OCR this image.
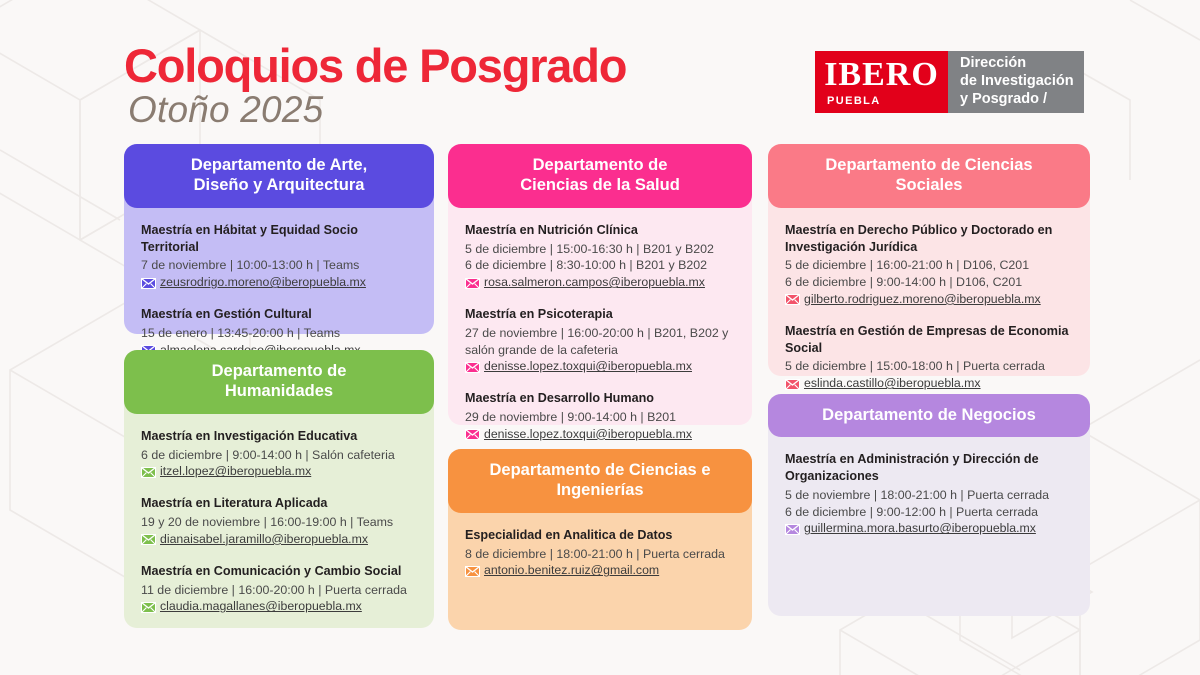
Coloquios de Posgrado
Otoño 2025
IBERO
PUEBLA
Dirección
de Investigación
y Posgrado /
Departamento de Arte,
Diseño y Arquitectura
Maestría en Hábitat y Equidad Socio Territorial
7 de noviembre | 10:00-13:00 h | Teams
zeusrodrigo.moreno@iberopuebla.mx
Maestría en Gestión Cultural
15 de enero | 13:45-20:00 h | Teams
Departamento de
Humanidades
Maestría en Investigación Educativa
6 de diciembre | 9:00-14:00 h | Salón cafeteria
itzel.lopez@iberopuebla.mx
Maestría en Literatura Aplicada
19 y 20 de noviembre | 16:00-19:00 h | Teams
dianaisabel.jaramillo@iberopuebla.mx
Maestría en Comunicación y Cambio Social
11 de diciembre | 16:00-20:00 h | Puerta cerrada
claudia.magallanes@iberopuebla.mx
Departamento de
Ciencias de la Salud
Maestría en Nutrición Clínica
5 de diciembre | 15:00-16:30 h | B201 y B202
6 de diciembre | 8:30-10:00 h | B201 y B202
rosa.salmeron.campos@iberopuebla.mx
Maestría en Psicoterapia
27 de noviembre | 16:00-20:00 h | B201, B202 y
salón grande de la cafeteria
denisse.lopez.toxqui@iberopuebla.mx
Maestría en Desarrollo Humano
29 de noviembre | 9:00-14:00 h | B201
denisse.lopez.toxqui@iberopuebla.mx
Departamento de Ciencias e
Ingenierías
Especialidad en Analitica de Datos
8 de diciembre | 18:00-21:00 h | Puerta cerrada
antonio.benitez.ruiz@gmail.com
Departamento de Ciencias
Sociales
Maestría en Derecho Público y Doctorado en Investigación Jurídica
5 de diciembre | 16:00-21:00 h | D106, C201
6 de diciembre | 9:00-14:00 h | D106, C201
gilberto.rodriguez.moreno@iberopuebla.mx
Maestría en Gestión de Empresas de Economia Social
5 de diciembre | 15:00-18:00 h | Puerta cerrada
eslinda.castillo@iberopuebla.mx
Departamento de Negocios
Maestría en Administración y Dirección de Organizaciones
5 de noviembre | 18:00-21:00 h | Puerta cerrada
6 de diciembre | 9:00-12:00 h | Puerta cerrada
guillermina.mora.basurto@iberopuebla.mx
